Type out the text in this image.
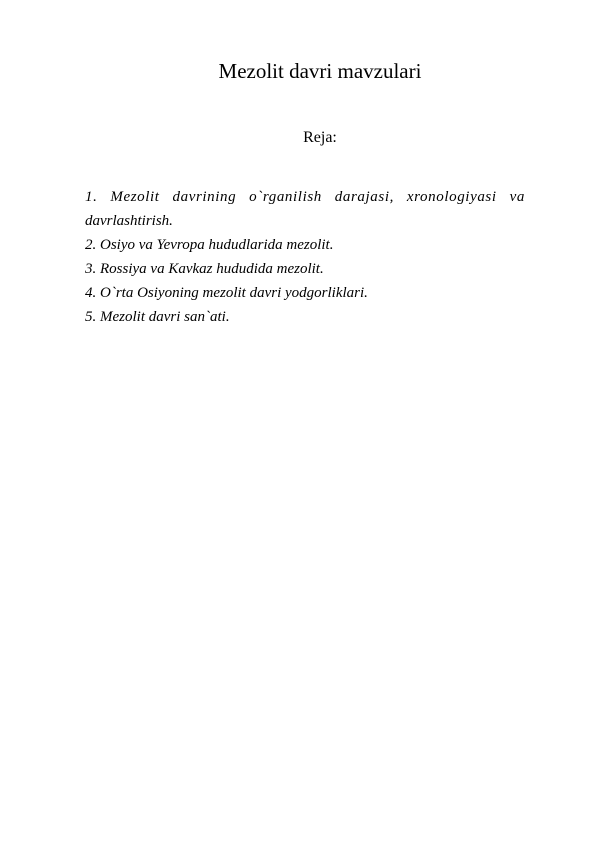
Mezolit davri mavzulari
Reja:
1. Mezolit davrining o`rganilish darajasi, xronologiyasi va
davrlashtirish.
2. Osiyo va Yevropa hududlarida mezolit.
3. Rossiya va Kavkaz hududida mezolit.
4. O`rta Osiyoning mezolit davri yodgorliklari.
5. Mezolit davri san`ati.
